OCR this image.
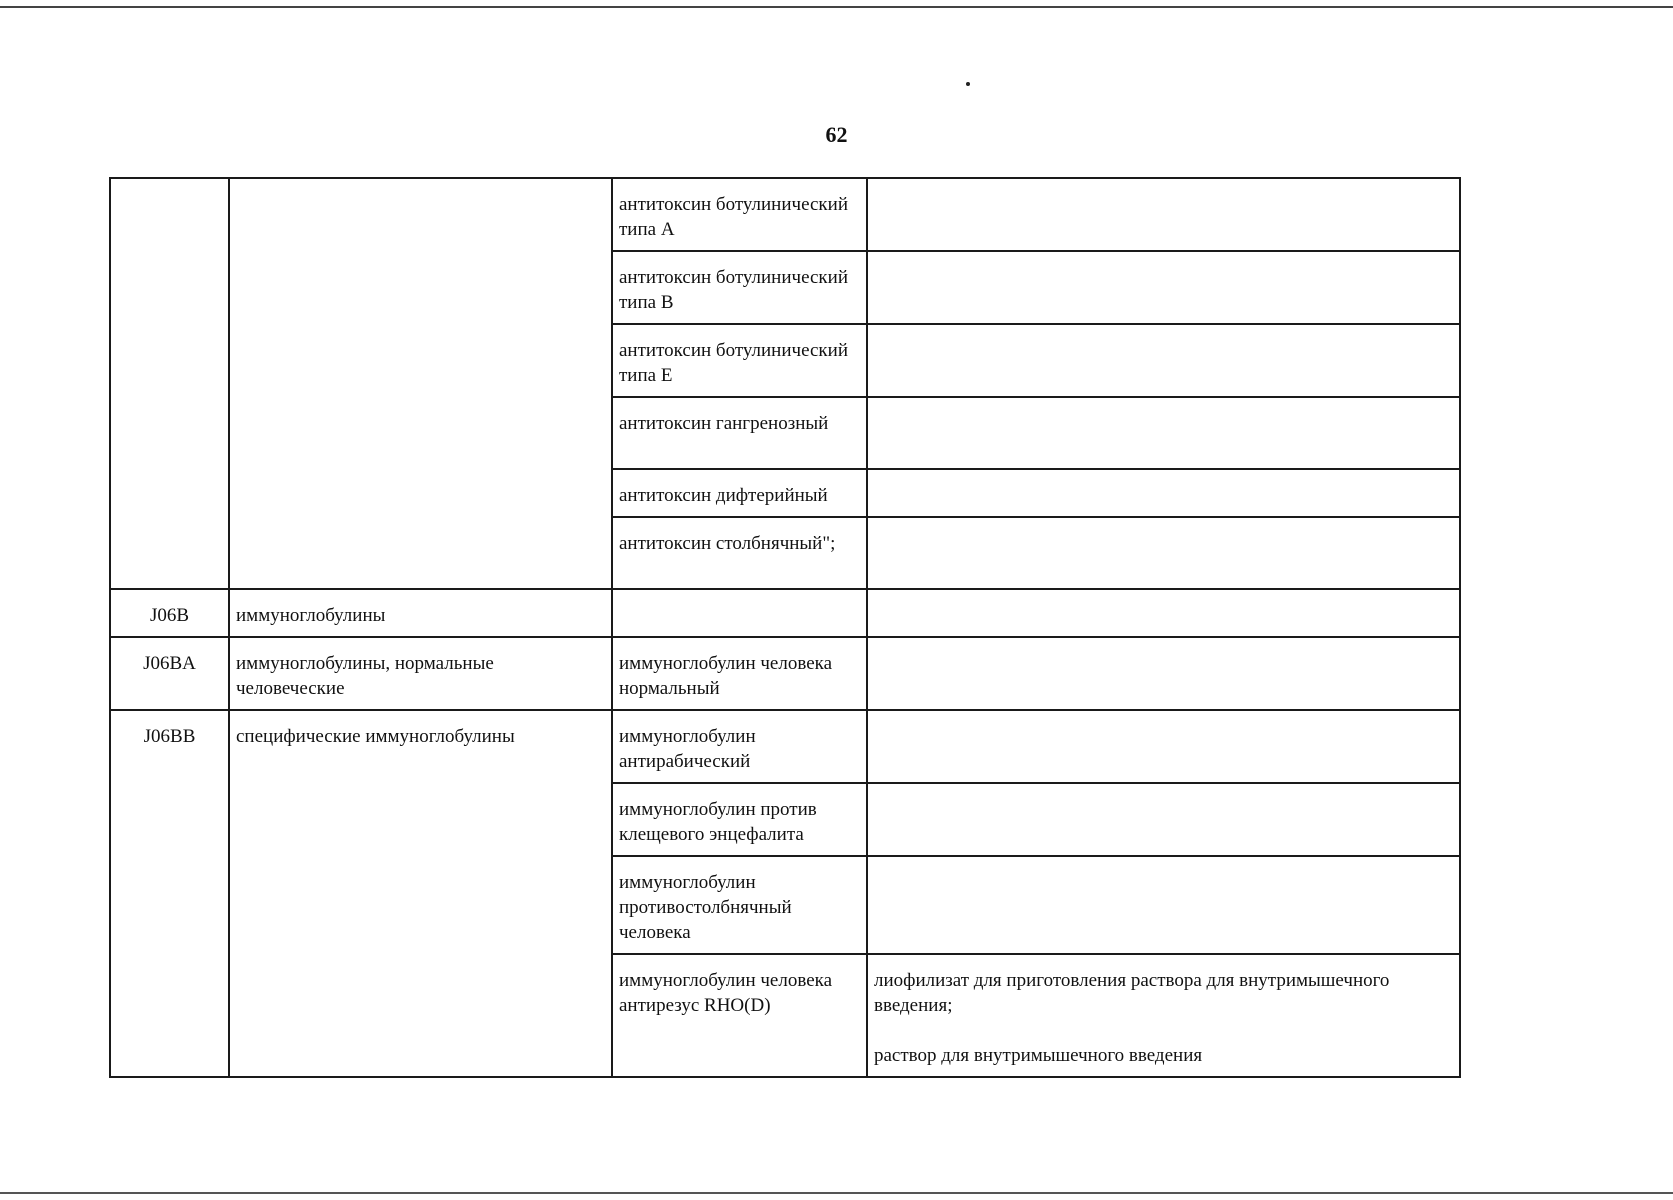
62
		антитоксин ботулинический типа A	
		антитоксин ботулинический типа B	
		антитоксин ботулинический типа E	
		антитоксин гангренозный	
		антитоксин дифтерийный	
		антитоксин столбнячный";	
J06B	иммуноглобулины		
J06BA	иммуноглобулины, нормальные человеческие	иммуноглобулин человека нормальный	
J06BB	специфические иммуноглобулины	иммуноглобулин антирабический	
		иммуноглобулин против клещевого энцефалита	
		иммуноглобулин противостолбнячный человека	
		иммуноглобулин человека антирезус RHO(D)	лиофилизат для приготовления раствора для внутримышечного введения;
раствор для внутримышечного введения
